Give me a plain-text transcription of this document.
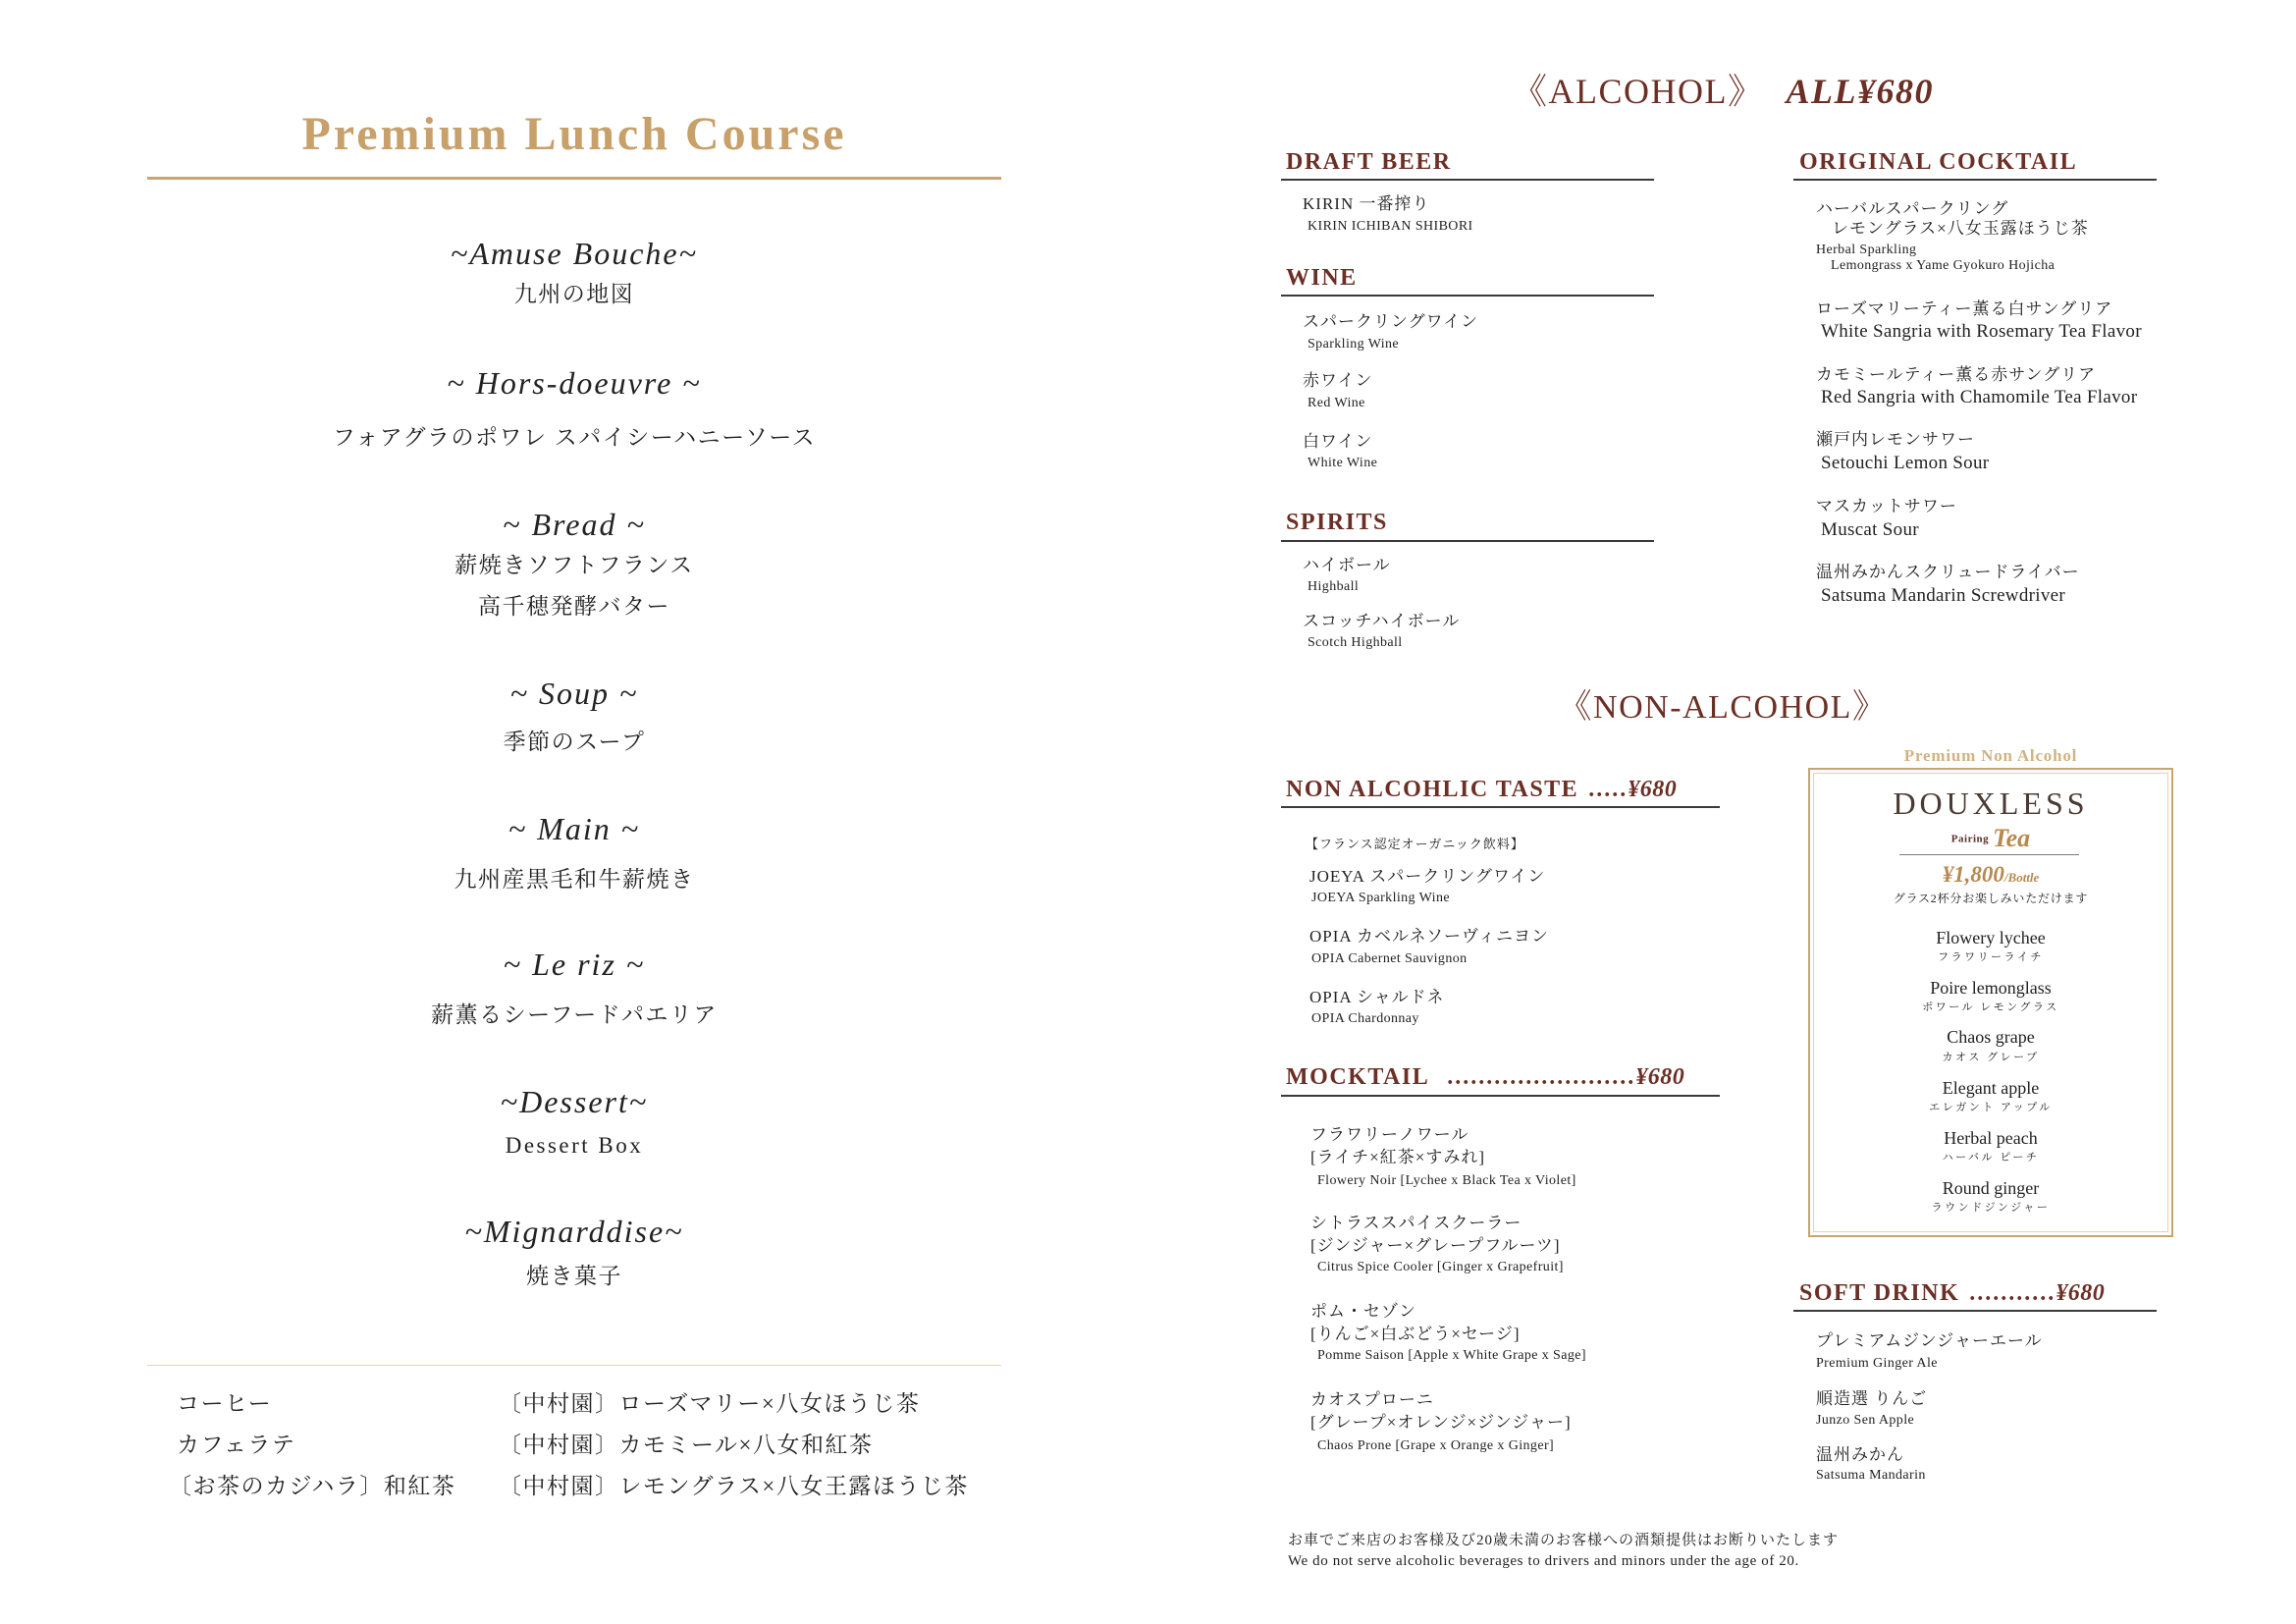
Premium Lunch Course
~Amuse Bouche~
九州の地図
~ Hors-doeuvre ~
フォアグラのポワレ スパイシーハニーソース
~ Bread ~
薪焼きソフトフランス
高千穂発酵バター
~ Soup ~
季節のスープ
~ Main ~
九州産黒毛和牛薪焼き
~ Le riz ~
薪薫るシーフードパエリア
~Dessert~
Dessert Box
~Mignarddise~
焼き菓子
コーヒー
カフェラテ
〔お茶のカジハラ〕和紅茶
〔中村園〕ローズマリー×八女ほうじ茶
〔中村園〕カモミール×八女和紅茶
〔中村園〕レモングラス×八女王露ほうじ茶
《ALCOHOL》 ALL¥680
DRAFT BEER
KIRIN 一番搾り
KIRIN ICHIBAN SHIBORI
WINE
スパークリングワイン
Sparkling Wine
赤ワイン
Red Wine
白ワイン
White Wine
SPIRITS
ハイボール
Highball
スコッチハイボール
Scotch Highball
ORIGINAL COCKTAIL
ハーバルスパークリング
レモングラス×八女玉露ほうじ茶
Herbal Sparkling
Lemongrass x Yame Gyokuro Hojicha
ローズマリーティー薫る白サングリア
White Sangria with Rosemary Tea Flavor
カモミールティー薫る赤サングリア
Red Sangria with Chamomile Tea Flavor
瀬戸内レモンサワー
Setouchi Lemon Sour
マスカットサワー
Muscat Sour
温州みかんスクリュードライバー
Satsuma Mandarin Screwdriver
《NON-ALCOHOL》
NON ALCOHLIC TASTE .....¥680
【フランス認定オーガニック飲料】
JOEYA スパークリングワイン
JOEYA Sparkling Wine
OPIA カベルネソーヴィニヨン
OPIA Cabernet Sauvignon
OPIA シャルドネ
OPIA Chardonnay
MOCKTAIL ........................¥680
フラワリーノワール
[ライチ×紅茶×すみれ]
Flowery Noir [Lychee x Black Tea x Violet]
シトラススパイスクーラー
[ジンジャー×グレープフルーツ]
Citrus Spice Cooler [Ginger x Grapefruit]
ポム・セゾン
[りんご×白ぶどう×セージ]
Pomme Saison [Apple x White Grape x Sage]
カオスプローニ
[グレープ×オレンジ×ジンジャー]
Chaos Prone [Grape x Orange x Ginger]
Premium Non Alcohol
DOUXLESS
Pairing Tea
¥1,800/Bottle
グラス2杯分お楽しみいただけます
Flowery lychee
フラワリーライチ
Poire lemonglass
ポワール レモングラス
Chaos grape
カオス グレープ
Elegant apple
エレガント アップル
Herbal peach
ハーバル ピーチ
Round ginger
ラウンドジンジャー
SOFT DRINK ...........¥680
プレミアムジンジャーエール
Premium Ginger Ale
順造選 りんご
Junzo Sen Apple
温州みかん
Satsuma Mandarin
お車でご来店のお客様及び20歳未満のお客様への酒類提供はお断りいたします
We do not serve alcoholic beverages to drivers and minors under the age of 20.
